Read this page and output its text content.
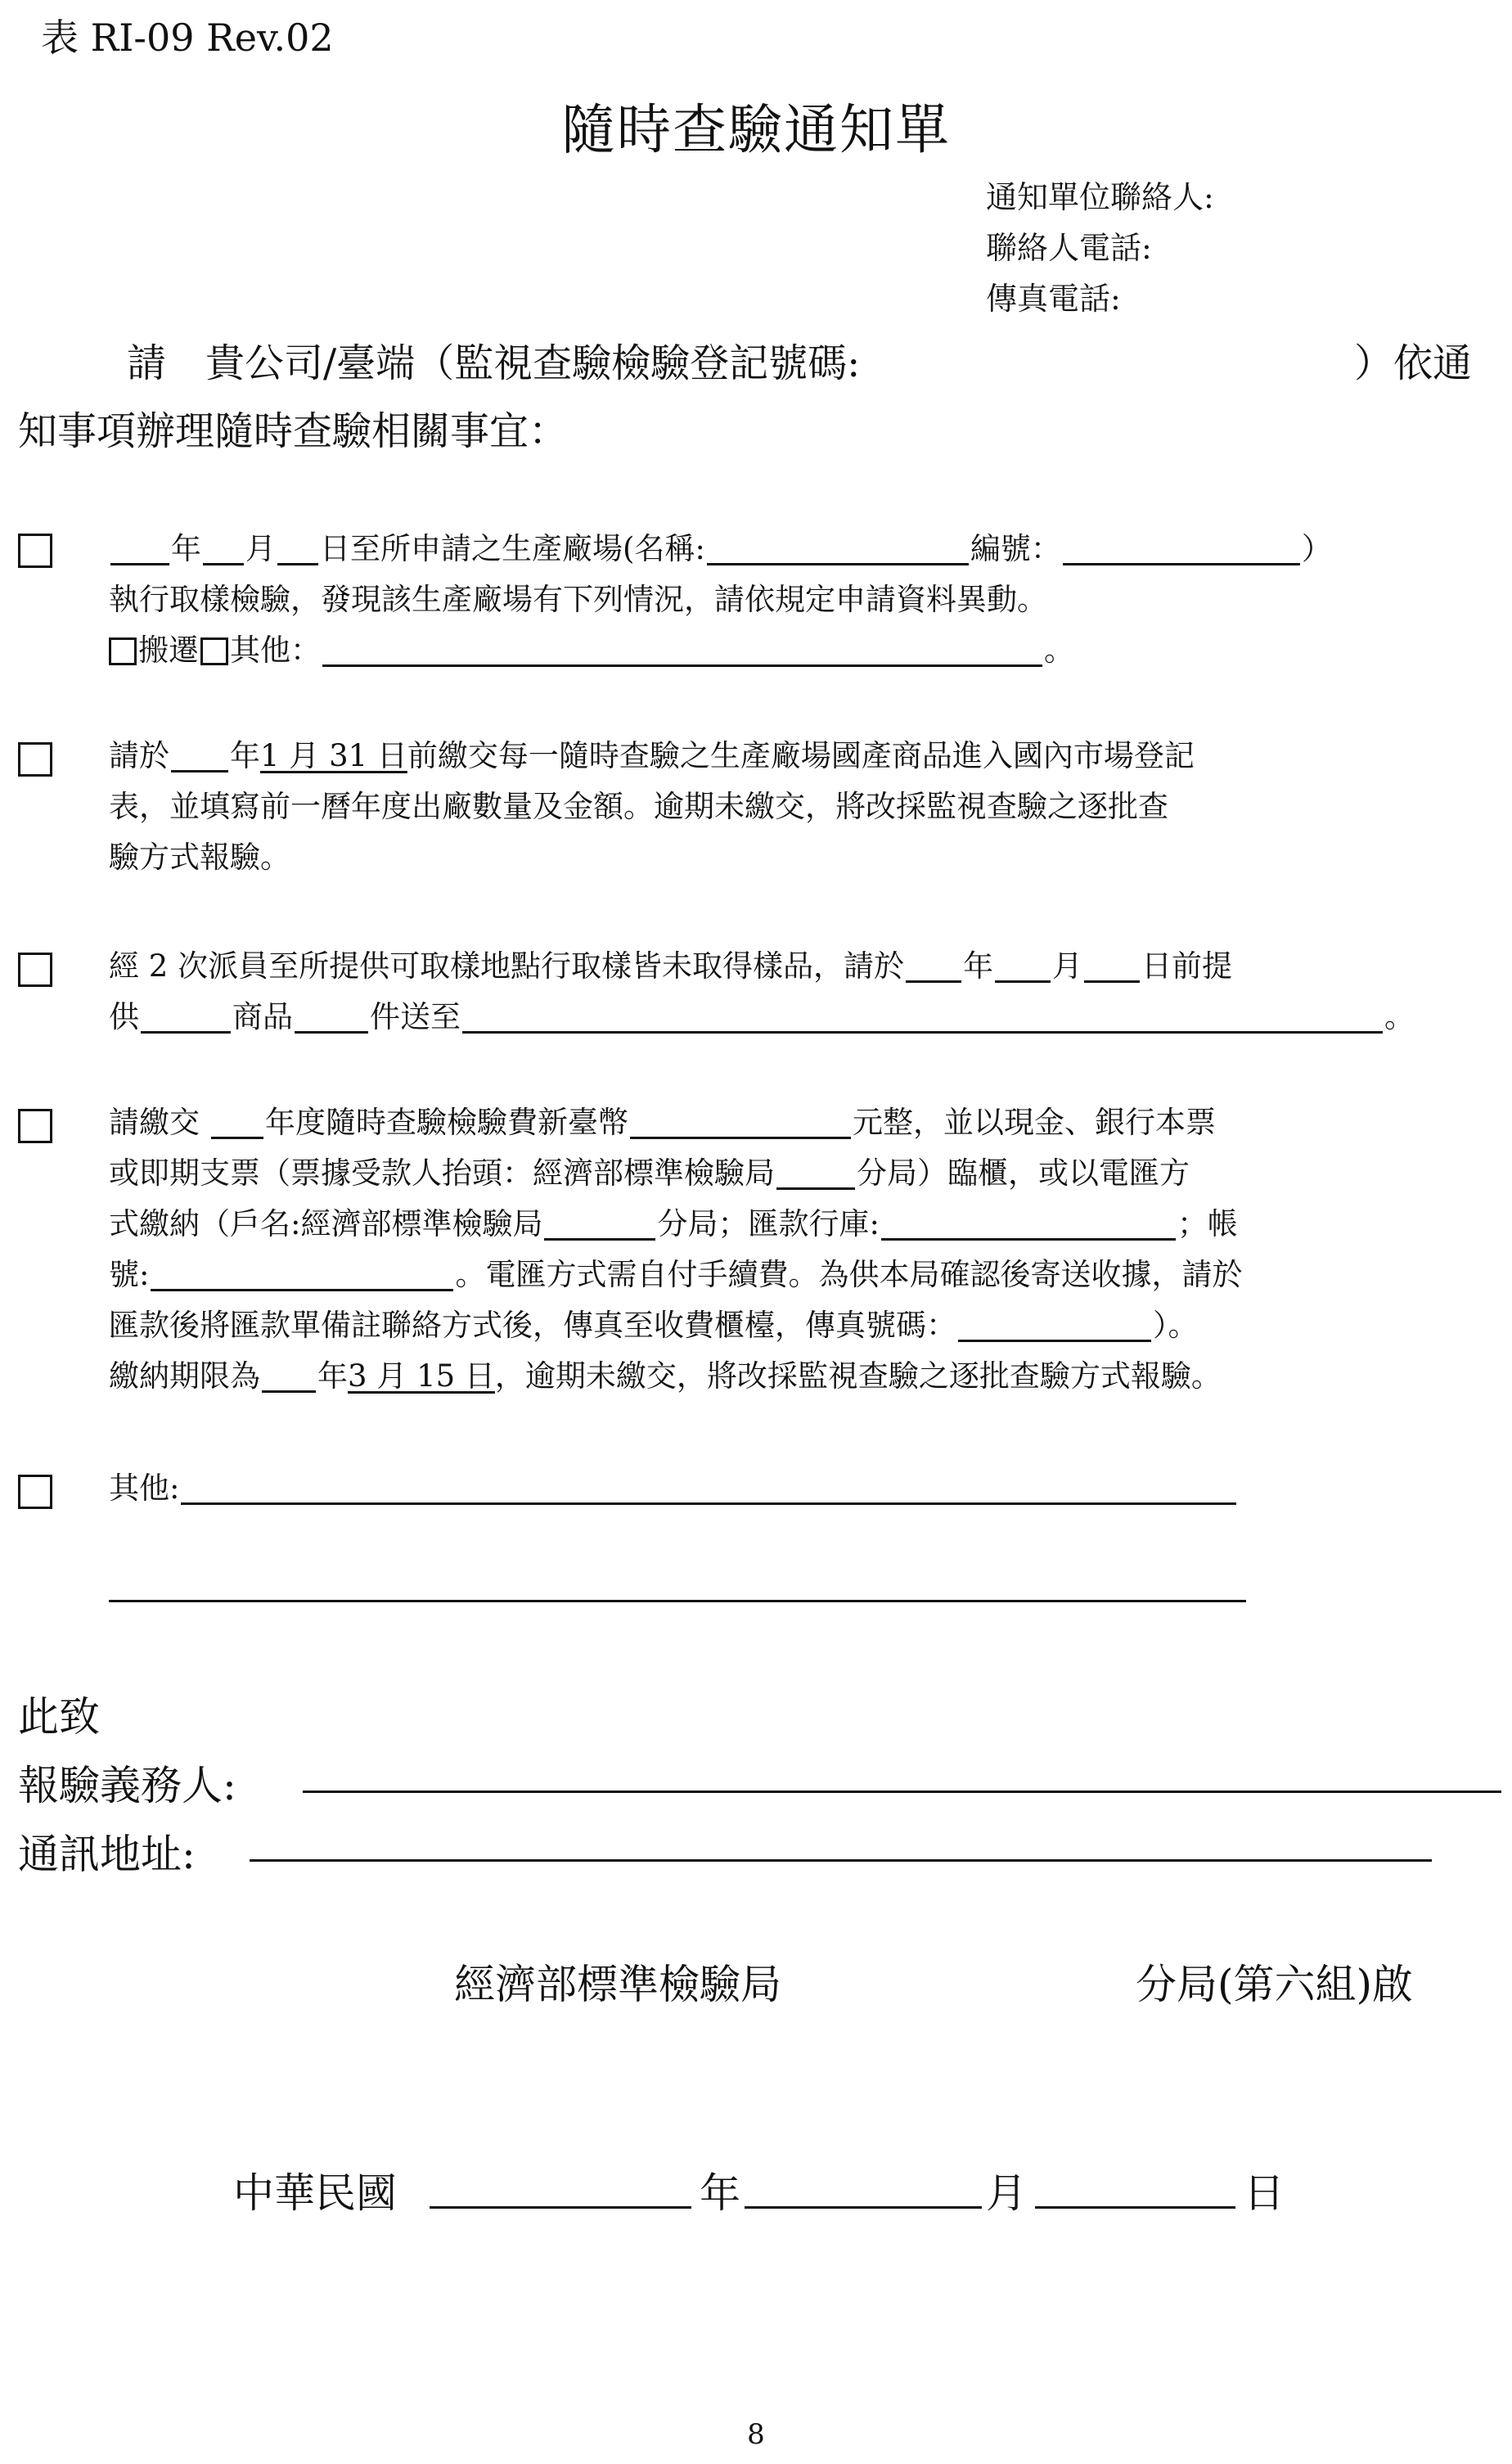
表 RI-09 Rev.02
隨時查驗通知單
通知單位聯絡人:
聯絡人電話:
傳真電話:
請　貴公司/臺端（監視查驗檢驗登記號碼:	）依通
知事項辦理隨時查驗相關事宜：
年 月 日至所申請之生產廠場(名稱:	編號：	）
執行取樣檢驗，發現該生產廠場有下列情況，請依規定申請資料異動。
搬遷 其他：	。
請於 年1 月 31 日前繳交每一隨時查驗之生產廠場國產商品進入國內市場登記
表，並填寫前一曆年度出廠數量及金額。逾期未繳交，將改採監視查驗之逐批查
驗方式報驗。
經 2 次派員至所提供可取樣地點行取樣皆未取得樣品，請於 年 月 日前提
供	商品	件送至	。
請繳交 年度隨時查驗檢驗費新臺幣	元整，並以現金、銀行本票
或即期支票（票據受款人抬頭：經濟部標準檢驗局	分局）臨櫃，或以電匯方
式繳納（戶名:經濟部標準檢驗局	分局；匯款行庫:	；帳
號:	。電匯方式需自付手續費。為供本局確認後寄送收據，請於
匯款後將匯款單備註聯絡方式後，傳真至收費櫃檯，傳真號碼：	）。
繳納期限為 年3 月 15 日，逾期未繳交，將改採監視查驗之逐批查驗方式報驗。
其他:
此致
報驗義務人:
通訊地址:
經濟部標準檢驗局	分局(第六組)啟
中華民國	年	月	日
8
